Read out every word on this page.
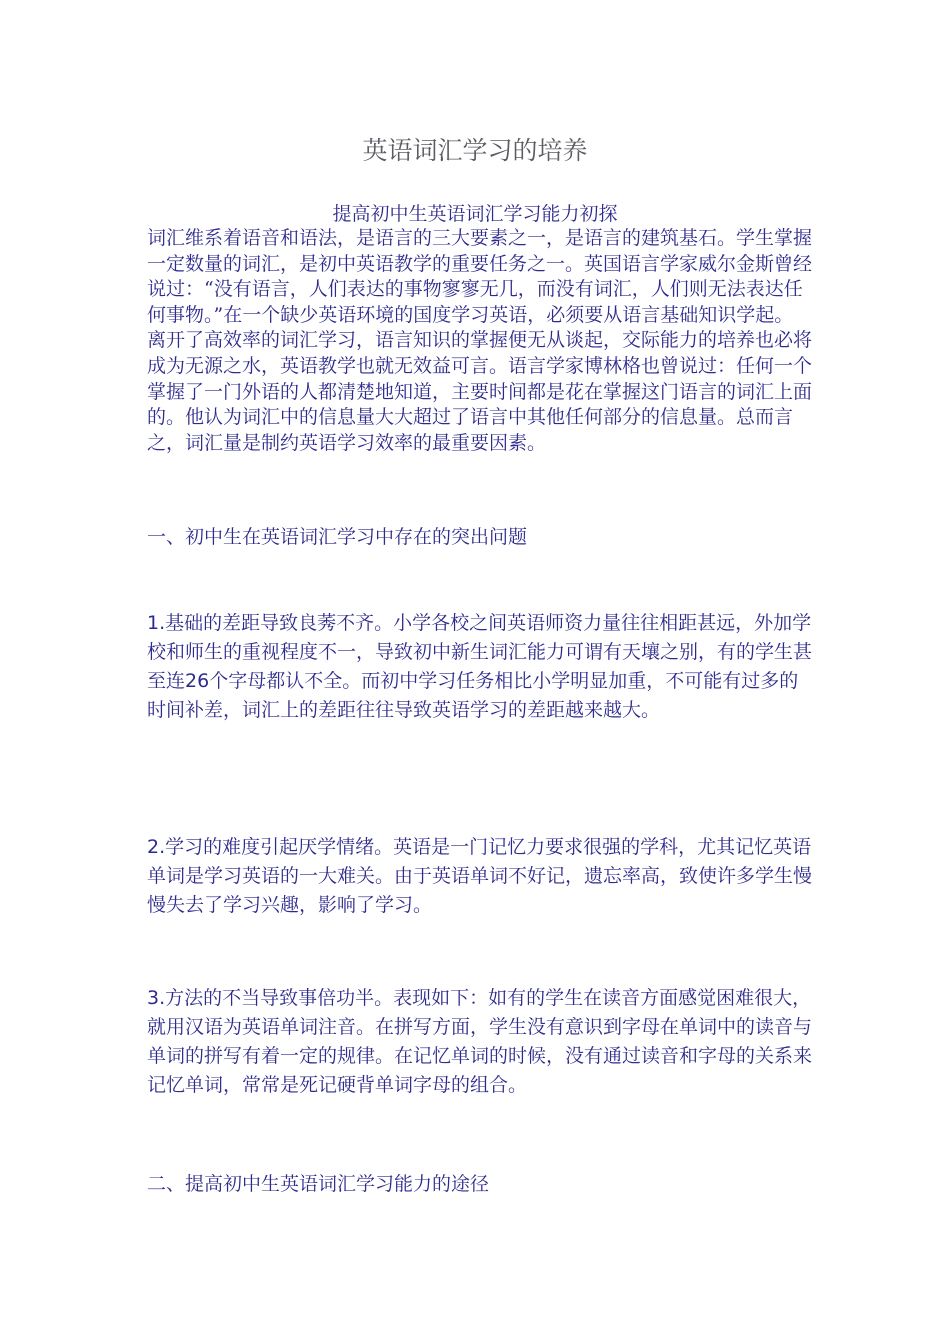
英语词汇学习的培养
提高初中生英语词汇学习能力初探

词汇维系着语音和语法，是语言的三大要素之一，是语言的建筑基石。学生掌握一定数量的词汇，是初中英语教学的重要任务之一。英国语言学家威尔金斯曾经说过：“没有语言，人们表达的事物寥寥无几，而没有词汇，人们则无法表达任何事物。”在一个缺少英语环境的国度学习英语，必须要从语言基础知识学起。离开了高效率的词汇学习，语言知识的掌握便无从谈起，交际能力的培养也必将成为无源之水，英语教学也就无效益可言。语言学家博林格也曾说过：任何一个掌握了一门外语的人都清楚地知道，主要时间都是花在掌握这门语言的词汇上面的。他认为词汇中的信息量大大超过了语言中其他任何部分的信息量。总而言之，词汇量是制约英语学习效率的最重要因素。

一、初中生在英语词汇学习中存在的突出问题

1.基础的差距导致良莠不齐。小学各校之间英语师资力量往往相距甚远，外加学校和师生的重视程度不一，导致初中新生词汇能力可谓有天壤之别，有的学生甚至连26个字母都认不全。而初中学习任务相比小学明显加重，不可能有过多的时间补差，词汇上的差距往往导致英语学习的差距越来越大。

2.学习的难度引起厌学情绪。英语是一门记忆力要求很强的学科，尤其记忆英语单词是学习英语的一大难关。由于英语单词不好记，遗忘率高，致使许多学生慢慢失去了学习兴趣，影响了学习。

3.方法的不当导致事倍功半。表现如下：如有的学生在读音方面感觉困难很大，就用汉语为英语单词注音。在拼写方面，学生没有意识到字母在单词中的读音与单词的拼写有着一定的规律。在记忆单词的时候，没有通过读音和字母的关系来记忆单词，常常是死记硬背单词字母的组合。

二、提高初中生英语词汇学习能力的途径
